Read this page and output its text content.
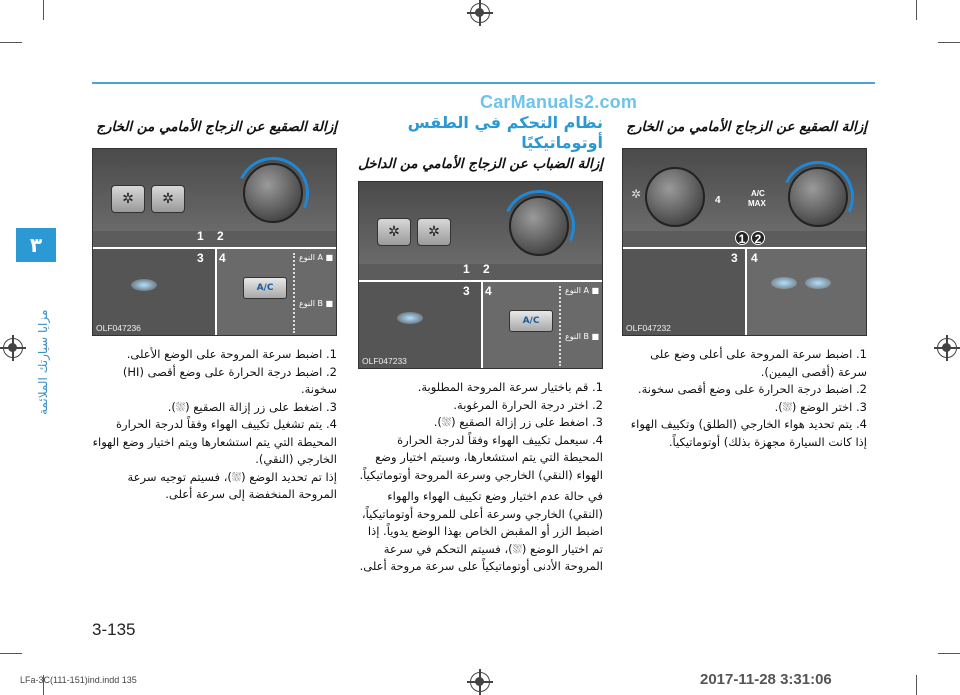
CarManuals2.com
٣
مزايا سيارتك الملائمة
إزالة الصقيع عن الزجاج الأمامي من الخارج
✲	4
A/C
MAX
1 2
3 4
OLF047232

1. اضبط سرعة المروحة على أعلى وضع على سرعة (أقصى اليمين).

2. اضبط درجة الحرارة على وضع أقصى سخونة.

3. اختر الوضع (⛆).

4. يتم تحديد هواء الخارجي (الطلق) وتكييف الهواء إذا كانت السيارة مجهزة بذلك) أوتوماتيكياً.

نظام التحكم في الطقس أوتوماتيكيًا
إزالة الضباب عن الزجاج الأمامي من الداخل
✲ ✲
1 2
3 4
A/C
النوع A ■
النوع B ■
OLF047233

1. قم باختيار سرعة المروحة المطلوبة.

2. اختر درجة الحرارة المرغوبة.

3. اضغط على زر إزالة الصقيع (⛆).

4. سيعمل تكييف الهواء وفقاً لدرجة الحرارة المحيطة التي يتم استشعارها، وسيتم اختيار وضع الهواء (النقي) الخارجي وسرعة المروحة أوتوماتيكياً.

في حالة عدم اختيار وضع تكييف الهواء والهواء (النقي) الخارجي وسرعة أعلى للمروحة أوتوماتيكياً، اضبط الزر أو المقبض الخاص بهذا الوضع يدوياً. إذا تم اختيار الوضع (⛆)، فسيتم التحكم في سرعة المروحة الأدنى أوتوماتيكياً على سرعة مروحة أعلى.

إزالة الصقيع عن الزجاج الأمامي من الخارج
✲ ✲
1 2
3 4
A/C
النوع A ■
النوع B ■
OLF047236

1. اضبط سرعة المروحة على الوضع الأعلى.

2. اضبط درجة الحرارة على وضع أقصى (HI) سخونة.

3. اضغط على زر إزالة الصقيع (⛆).

4. يتم تشغيل تكييف الهواء وفقاً لدرجة الحرارة المحيطة التي يتم استشعارها ويتم اختيار وضع الهواء الخارجي (النقي).

إذا تم تحديد الوضع (⛆)، فسيتم توجيه سرعة المروحة المنخفضة إلى سرعة أعلى.

3-135
LFa-3C(111-151)ind.indd 135	2017-11-28 3:31:06
